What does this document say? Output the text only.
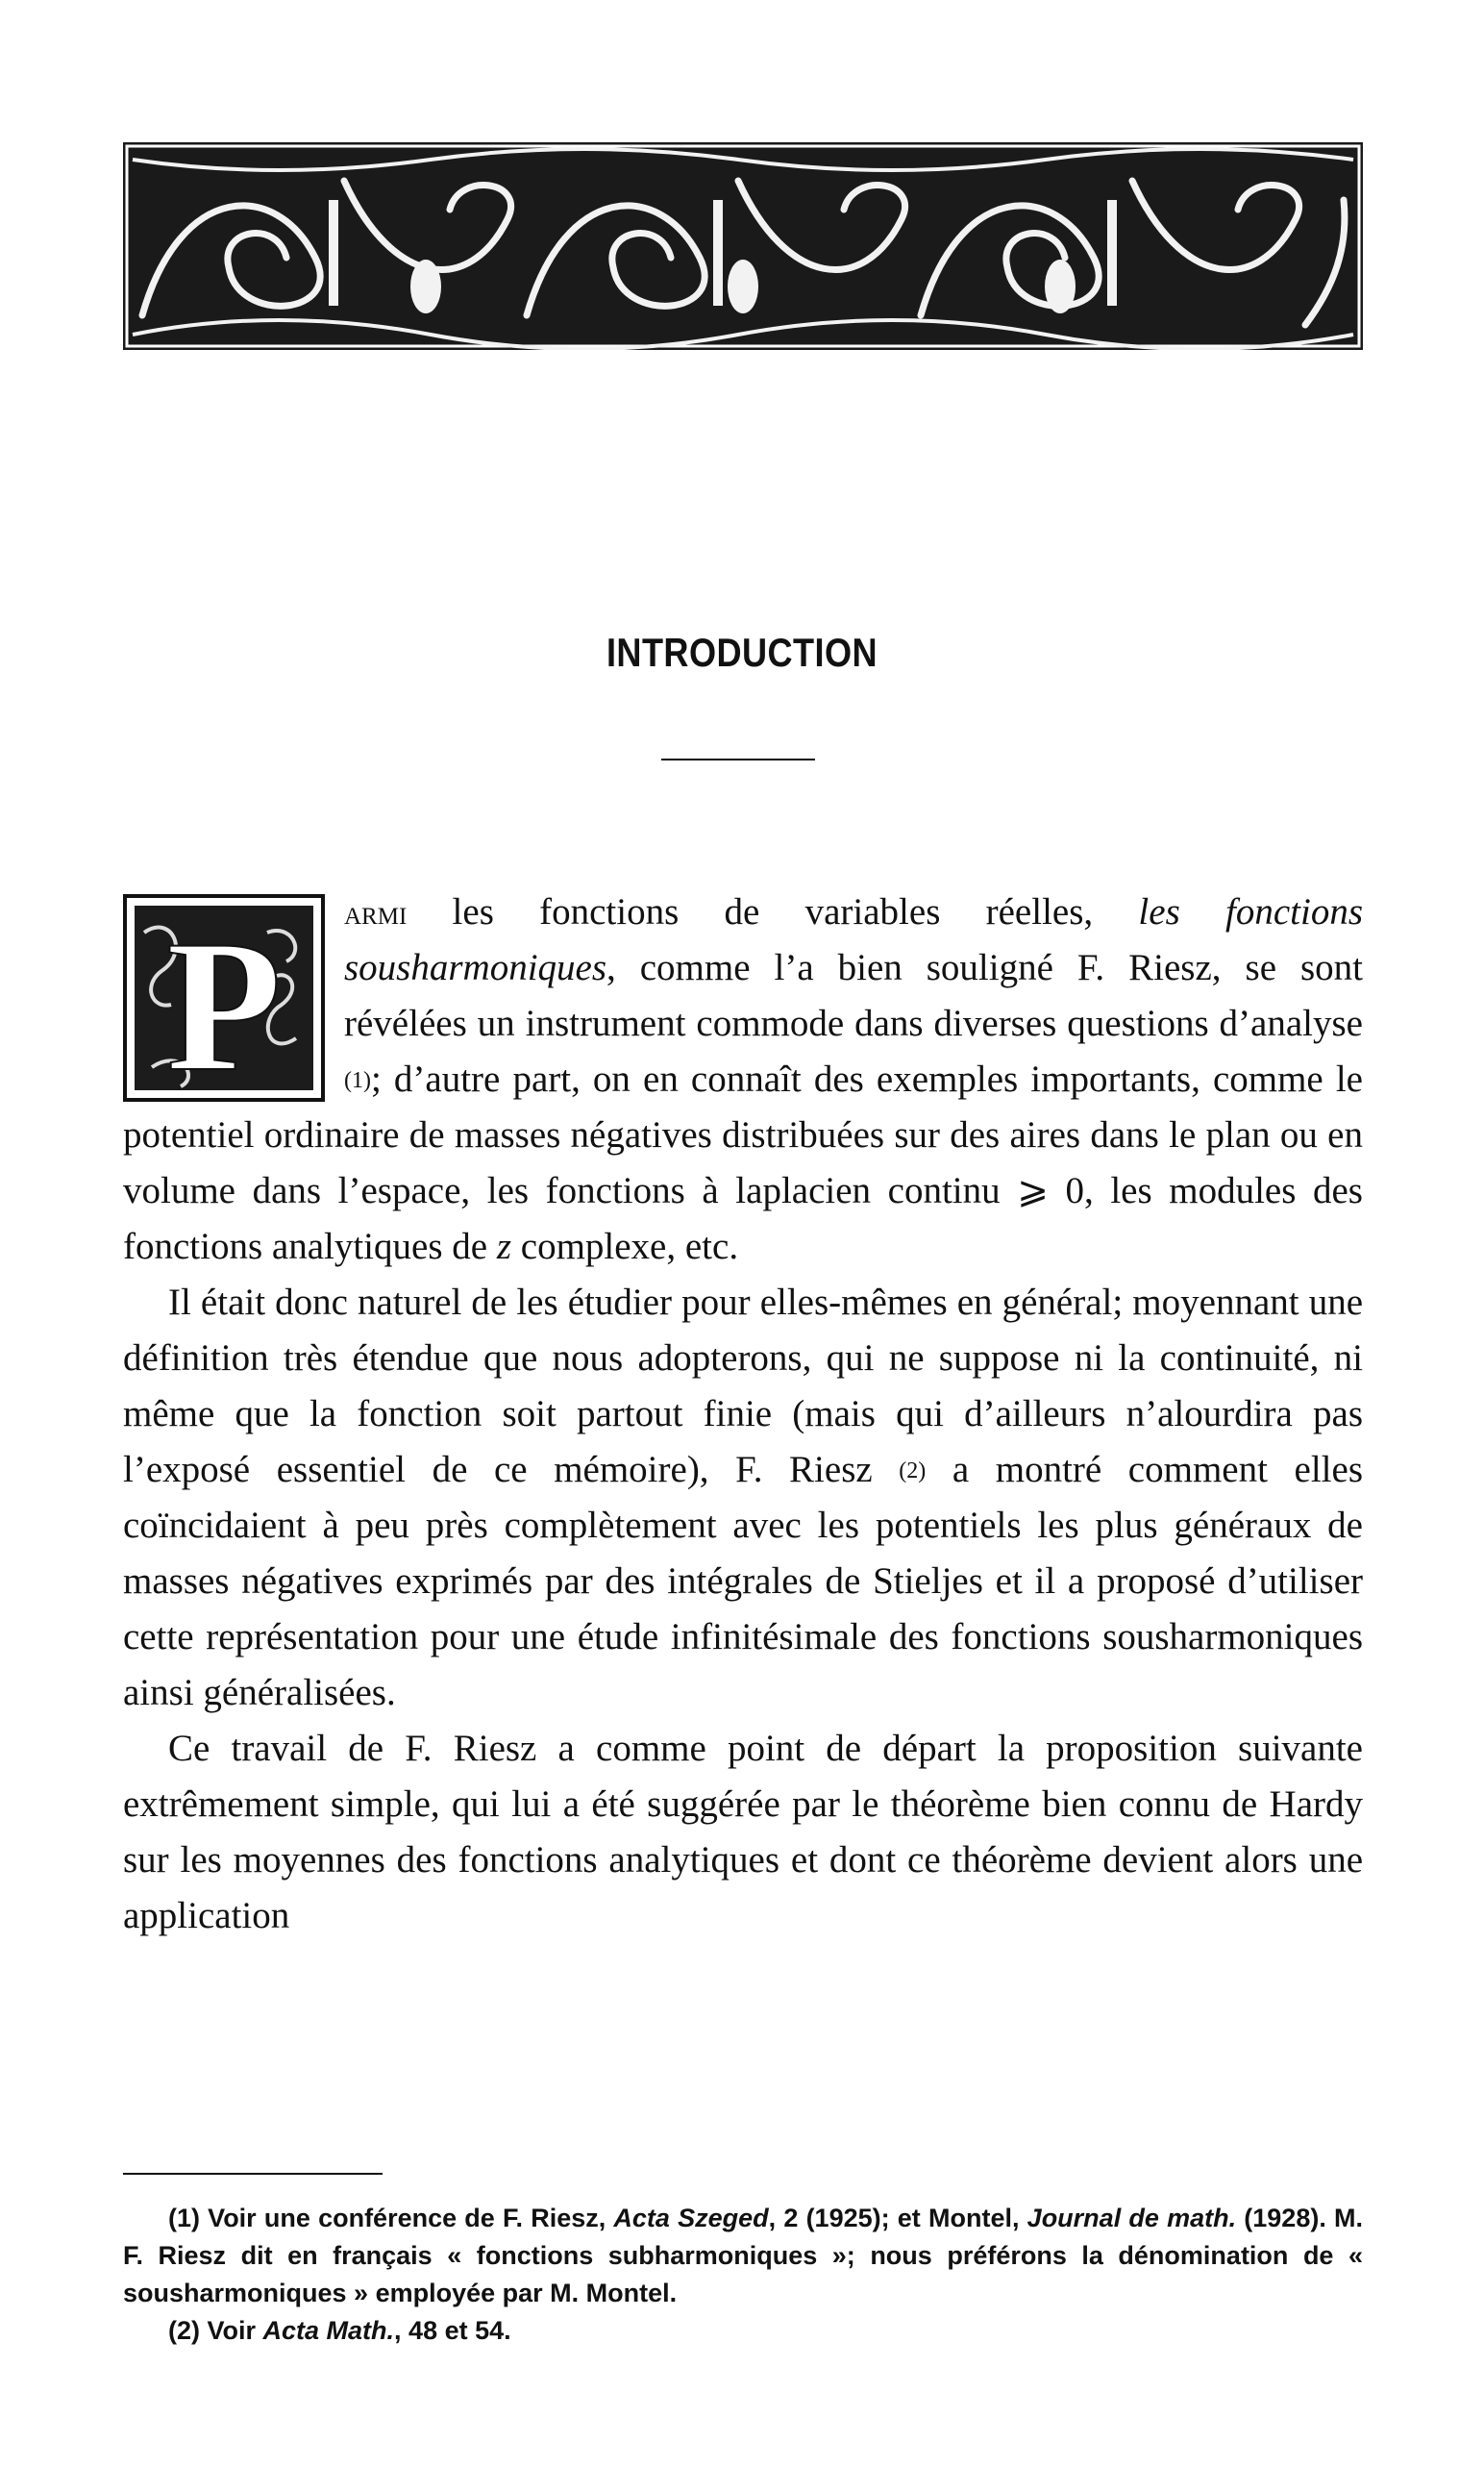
INTRODUCTION

P armi les fonctions de variables réelles, les fonctions sousharmoniques, comme l’a bien souligné F. Riesz, se sont révélées un instrument commode dans diverses questions d’analyse $^{(1)}$; d’autre part, on en connaît des exemples importants, comme le potentiel ordinaire de masses négatives distribuées sur des aires dans le plan ou en volume dans l’espace, les fonctions à laplacien continu ⩾ 0, les modules des fonctions analytiques de z complexe, etc.

Il était donc naturel de les étudier pour elles-mêmes en général; moyennant une définition très étendue que nous adopterons, qui ne suppose ni la continuité, ni même que la fonction soit partout finie (mais qui d’ailleurs n’alourdira pas l’exposé essentiel de ce mémoire), F. Riesz $^{(2)}$ a montré comment elles coïncidaient à peu près complètement avec les potentiels les plus généraux de masses négatives exprimés par des intégrales de Stieljes et il a proposé d’utiliser cette représentation pour une étude infinitésimale des fonctions sousharmoniques ainsi généralisées.

Ce travail de F. Riesz a comme point de départ la proposition suivante extrêmement simple, qui lui a été suggérée par le théorème bien connu de Hardy sur les moyennes des fonctions analytiques et dont ce théorème devient alors une application

(1) Voir une conférence de F. Riesz, Acta Szeged, 2 (1925); et Montel, Journal de math. (1928). M. F. Riesz dit en français « fonctions subharmoniques »; nous préférons la dénomination de « sousharmoniques » employée par M. Montel.

(2) Voir Acta Math., 48 et 54.
